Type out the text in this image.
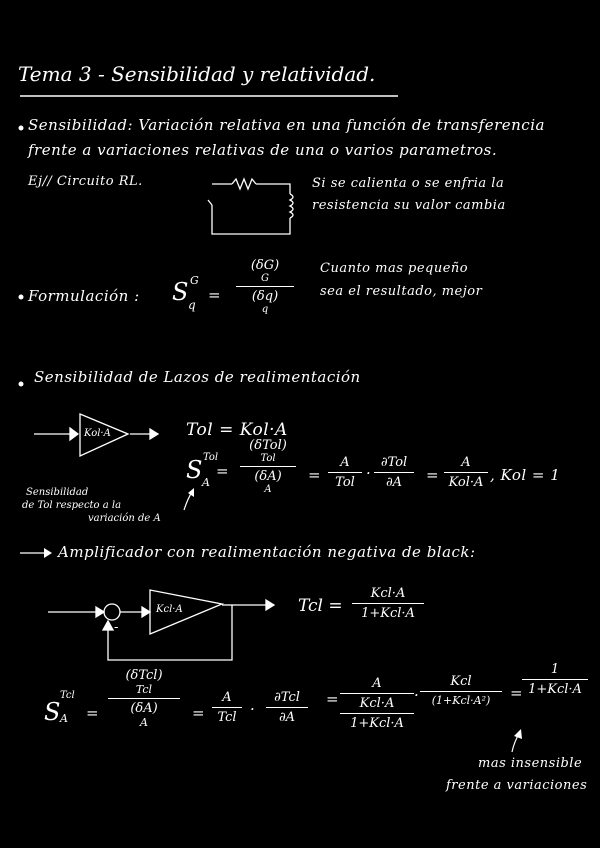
Tema 3 - Sensibilidad y relatividad.
Sensibilidad: Variación relativa en una función de transferencia
frente a variaciones relativas de una o varios parametros.
Ej// Circuito RL.	Si se calienta o se enfria la
resistencia su valor cambia
Formulación : S G
q
=
(δG)
G
(δq)
q
Cuanto mas pequeño
sea el resultado, mejor
Sensibilidad de Lazos de realimentación
Kol·A	Tol = Kol·A
S Tol
A
=
(δTol)
Tol
(δA)
A
=
A
Tol
·
∂Tol
∂A	=
A
Kol·A , Kol = 1
Sensibilidad
de Tol respecto a la
variación de A
Amplificador con realimentación negativa de black:
Kcl·A
-
Tcl =
Kcl·A
1+Kcl·A
S
Tcl
A =
(δTcl)
Tcl
(δA)
A
=
A
Tcl ·
∂Tcl
∂A
=
A
Kcl·A
1+Kcl·A
·
Kcl
(1+Kcl·A²)	=
1
1+Kcl·A
mas insensible
frente a variaciones
